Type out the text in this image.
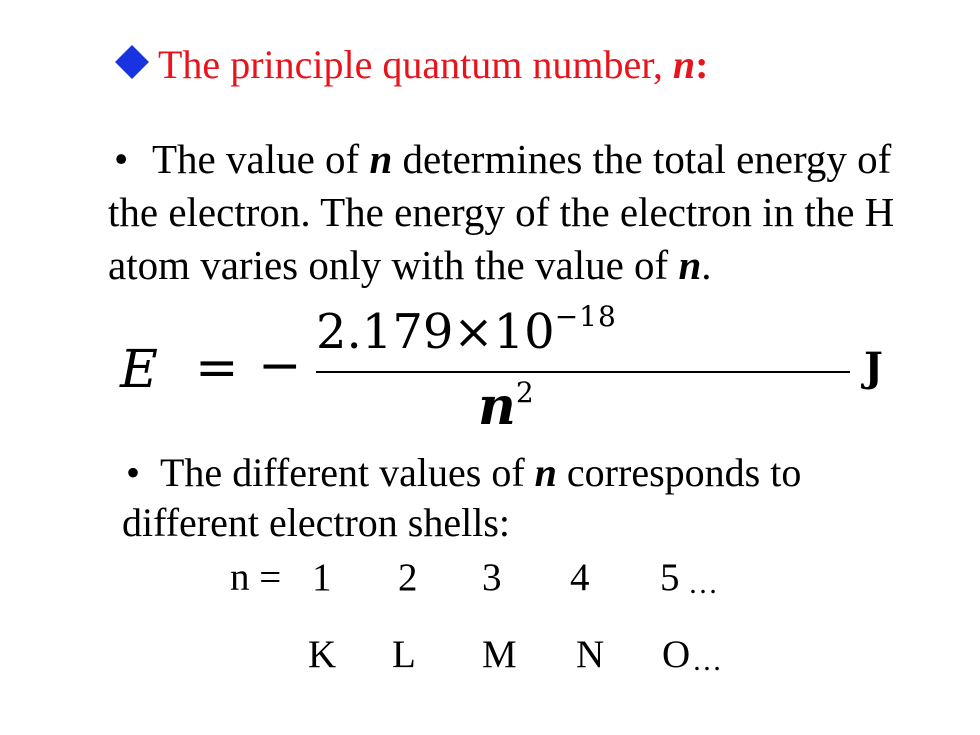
The principle quantum number, n:
• The value of n determines the total energy of the electron. The energy of the electron in the H atom varies only with the value of n.
E = −
$2.179\times 10^{-18}$
$n^2$
J
• The different values of n corresponds to different electron shells:
n = 1 2 3 4 5 …
K L M N O …
